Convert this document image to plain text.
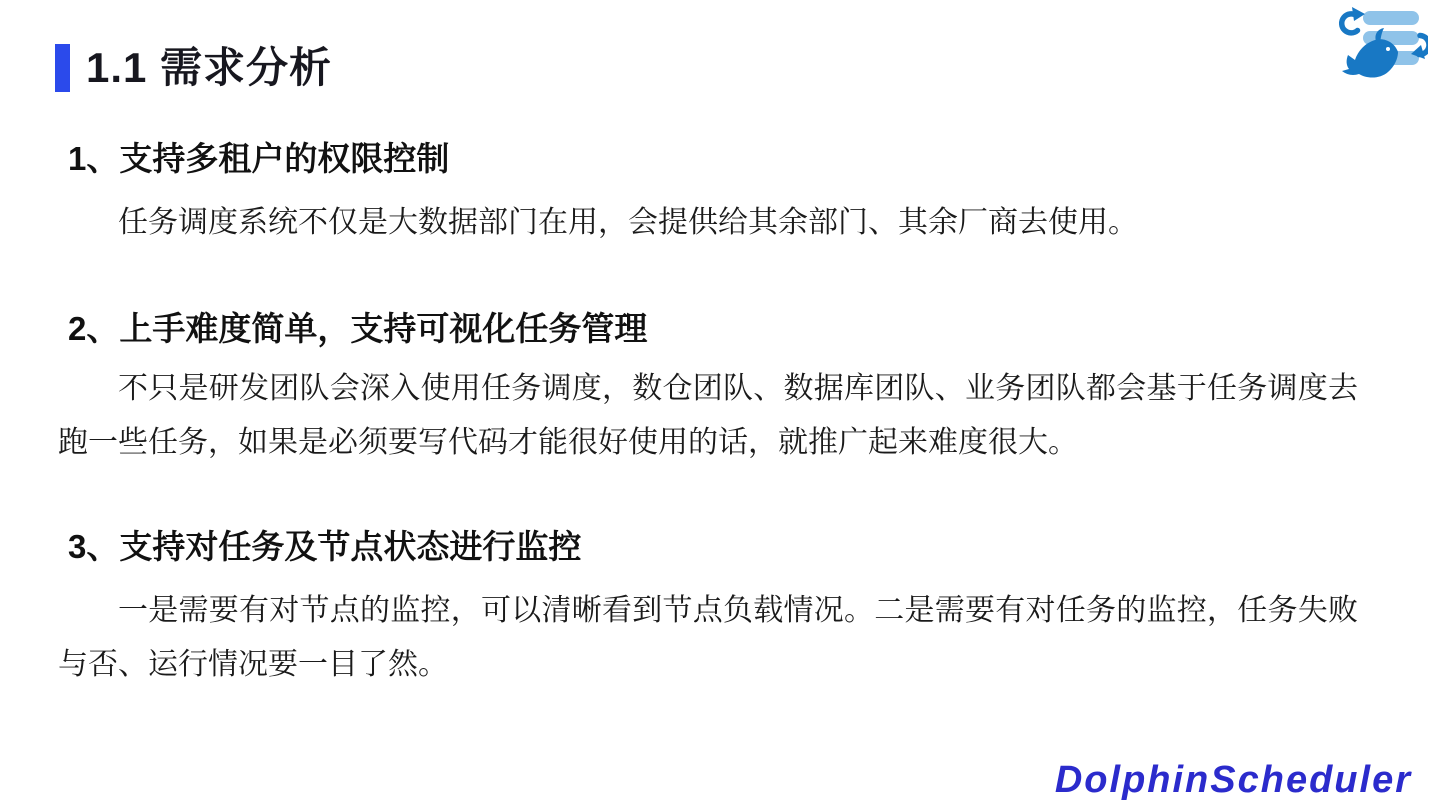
1.1 需求分析
1、支持多租户的权限控制
任务调度系统不仅是大数据部门在用，会提供给其余部门、其余厂商去使用。
2、上手难度简单，支持可视化任务管理
不只是研发团队会深入使用任务调度，数仓团队、数据库团队、业务团队都会基于任务调度去跑一些任务，如果是必须要写代码才能很好使用的话，就推广起来难度很大。
3、支持对任务及节点状态进行监控
一是需要有对节点的监控，可以清晰看到节点负载情况。二是需要有对任务的监控，任务失败与否、运行情况要一目了然。
DolphinScheduler
